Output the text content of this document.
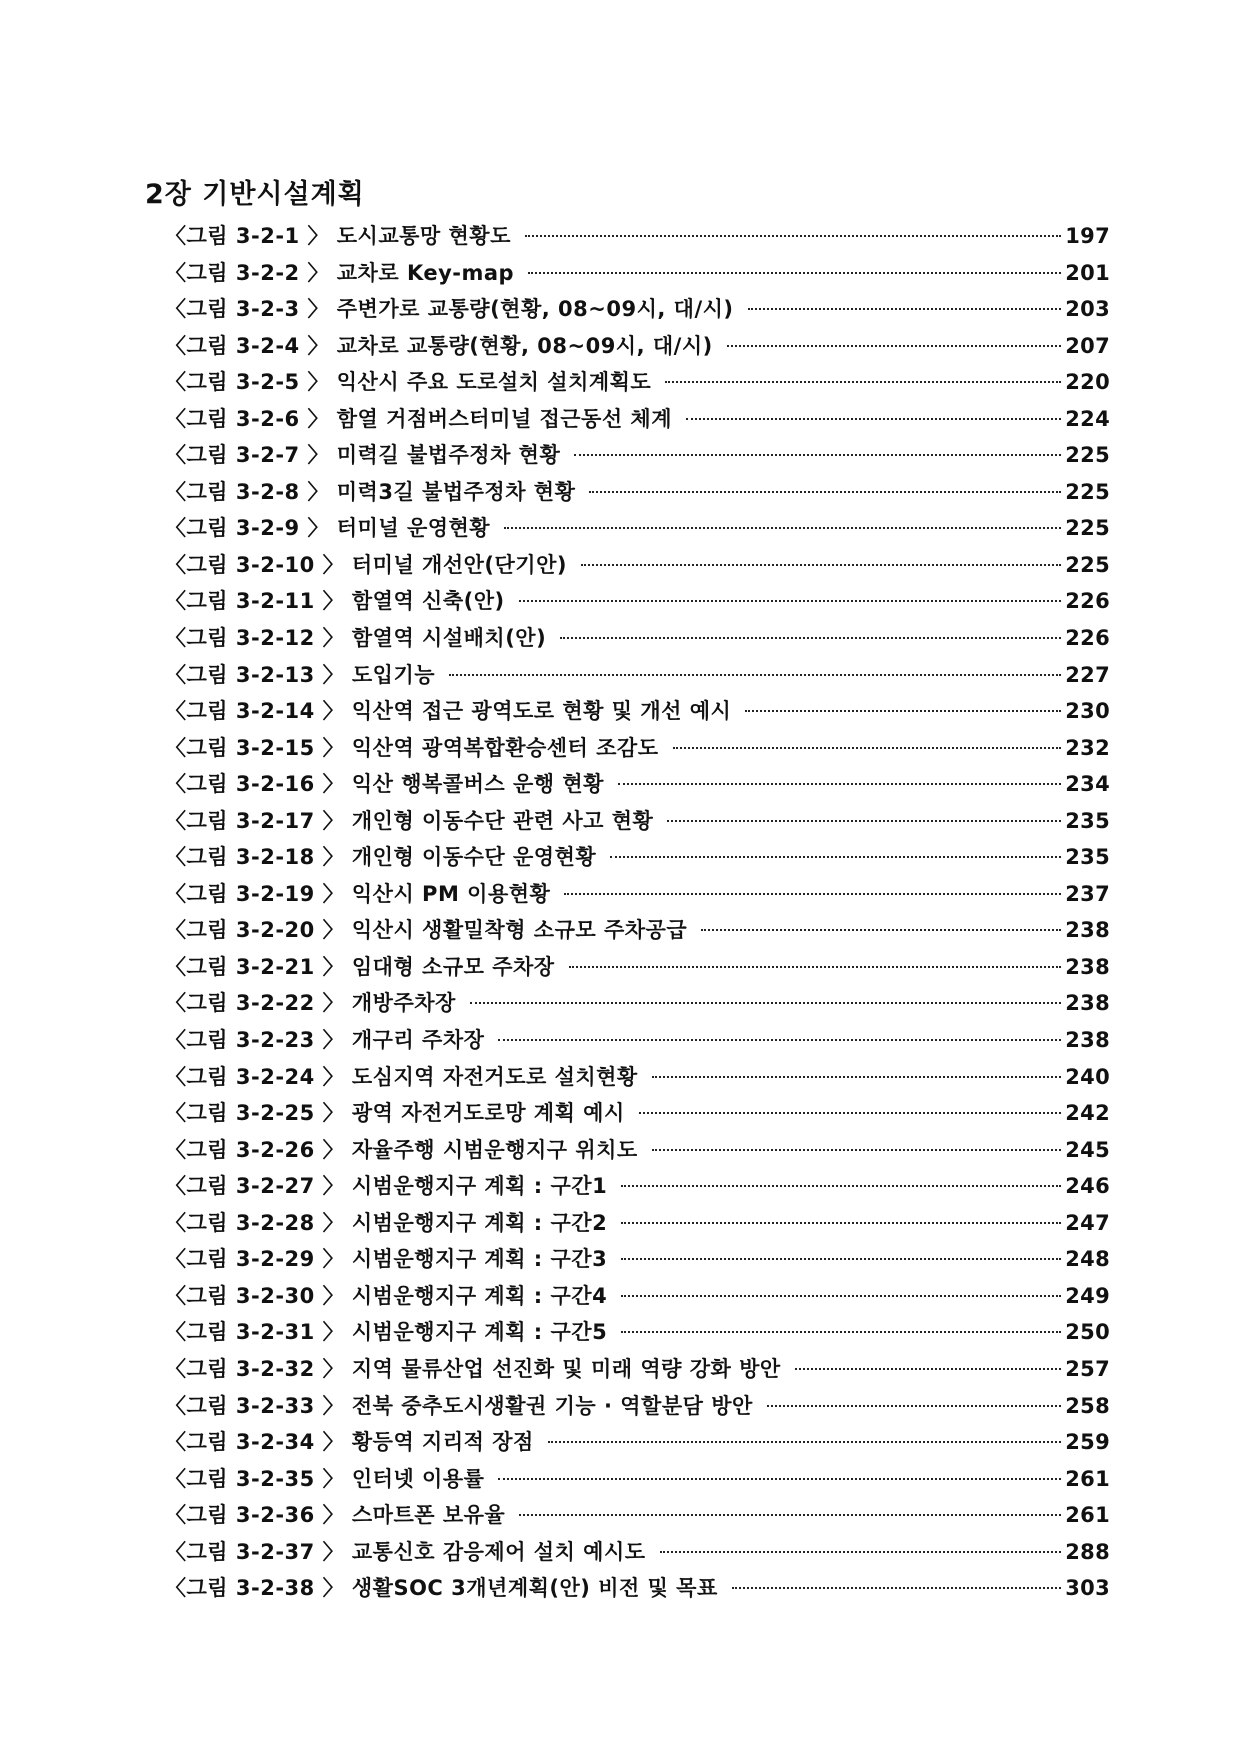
2장 기반시설계획
〈그림 3-2-1 〉 도시교통망 현황도	197
〈그림 3-2-2 〉 교차로 Key-map	201
〈그림 3-2-3 〉 주변가로 교통량(현황, 08~09시, 대/시)	203
〈그림 3-2-4 〉 교차로 교통량(현황, 08~09시, 대/시)	207
〈그림 3-2-5 〉 익산시 주요 도로설치 설치계획도	220
〈그림 3-2-6 〉 함열 거점버스터미널 접근동선 체계	224
〈그림 3-2-7 〉 미력길 불법주정차 현황	225
〈그림 3-2-8 〉 미력3길 불법주정차 현황	225
〈그림 3-2-9 〉 터미널 운영현황	225
〈그림 3-2-10 〉 터미널 개선안(단기안)	225
〈그림 3-2-11 〉 함열역 신축(안)	226
〈그림 3-2-12 〉 함열역 시설배치(안)	226
〈그림 3-2-13 〉 도입기능	227
〈그림 3-2-14 〉 익산역 접근 광역도로 현황 및 개선 예시	230
〈그림 3-2-15 〉 익산역 광역복합환승센터 조감도	232
〈그림 3-2-16 〉 익산 행복콜버스 운행 현황	234
〈그림 3-2-17 〉 개인형 이동수단 관련 사고 현황	235
〈그림 3-2-18 〉 개인형 이동수단 운영현황	235
〈그림 3-2-19 〉 익산시 PM 이용현황	237
〈그림 3-2-20 〉 익산시 생활밀착형 소규모 주차공급	238
〈그림 3-2-21 〉 임대형 소규모 주차장	238
〈그림 3-2-22 〉 개방주차장	238
〈그림 3-2-23 〉 개구리 주차장	238
〈그림 3-2-24 〉 도심지역 자전거도로 설치현황	240
〈그림 3-2-25 〉 광역 자전거도로망 계획 예시	242
〈그림 3-2-26 〉 자율주행 시범운행지구 위치도	245
〈그림 3-2-27 〉 시범운행지구 계획 : 구간1	246
〈그림 3-2-28 〉 시범운행지구 계획 : 구간2	247
〈그림 3-2-29 〉 시범운행지구 계획 : 구간3	248
〈그림 3-2-30 〉 시범운행지구 계획 : 구간4	249
〈그림 3-2-31 〉 시범운행지구 계획 : 구간5	250
〈그림 3-2-32 〉 지역 물류산업 선진화 및 미래 역량 강화 방안	257
〈그림 3-2-33 〉 전북 중추도시생활권 기능 · 역할분담 방안	258
〈그림 3-2-34 〉 황등역 지리적 장점	259
〈그림 3-2-35 〉 인터넷 이용률	261
〈그림 3-2-36 〉 스마트폰 보유율	261
〈그림 3-2-37 〉 교통신호 감응제어 설치 예시도	288
〈그림 3-2-38 〉 생활SOC 3개년계획(안) 비전 및 목표	303
